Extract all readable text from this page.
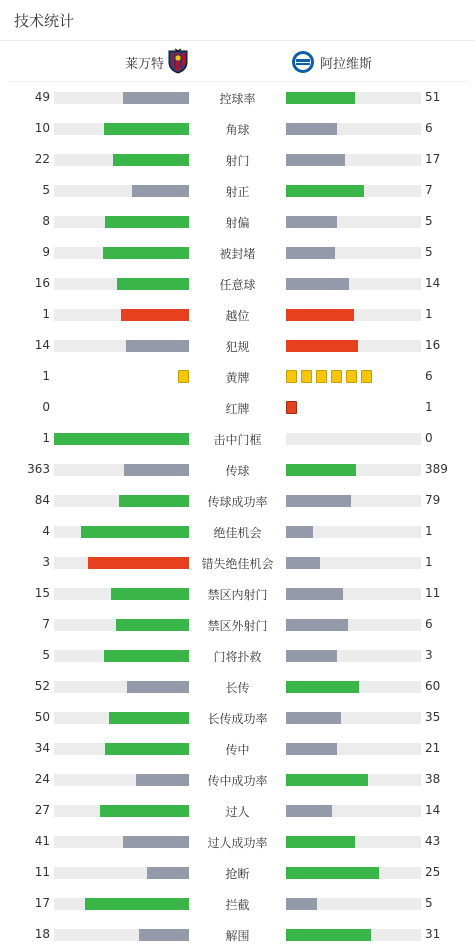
技术统计
莱万特	阿拉维斯
49	控球率	51
10	角球	6
22	射门	17
5	射正	7
8	射偏	5
9	被封堵	5
16	任意球	14
1	越位	1
14	犯规	16
1	黄牌	6
0	红牌	1
1	击中门框	0
363	传球	389
84	传球成功率	79
4	绝佳机会	1
3	错失绝佳机会	1
15	禁区内射门	11
7	禁区外射门	6
5	门将扑救	3
52	长传	60
50	长传成功率	35
34	传中	21
24	传中成功率	38
27	过人	14
41	过人成功率	43
11	抢断	25
17	拦截	5
18	解围	31
